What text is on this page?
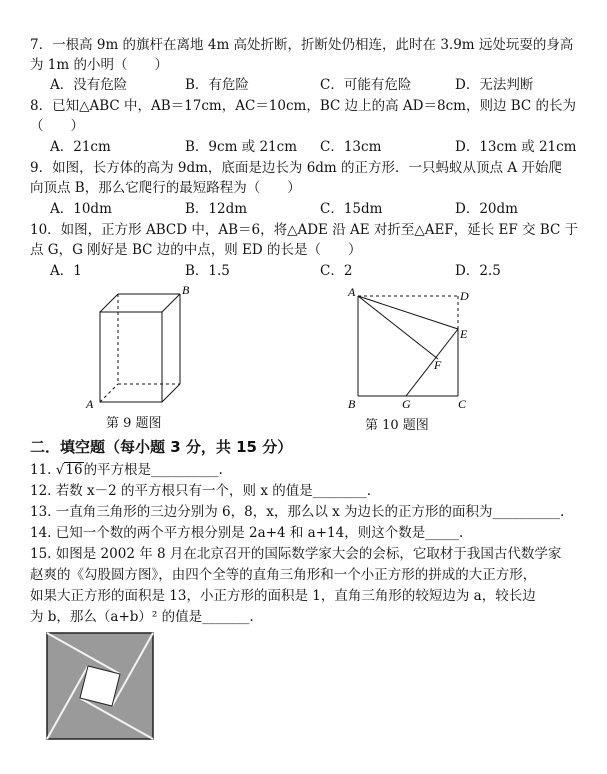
7．一根高 9m 的旗杆在离地 4m 高处折断，折断处仍相连，此时在 3.9m 远处玩耍的身高
为 1m 的小明（　　）
A．没有危险	B．有危险	C．可能有危险	D．无法判断
8．已知△ABC 中，AB＝17cm，AC＝10cm，BC 边上的高 AD＝8cm，则边 BC 的长为
（　　）
A．21cm	B．9cm 或 21cm C．13cm	D．13cm 或 21cm
9．如图，长方体的高为 9dm，底面是边长为 6dm 的正方形．一只蚂蚁从顶点 A 开始爬
向顶点 B，那么它爬行的最短路程为（　　）
A．10dm	B．12dm	C．15dm	D．20dm
10．如图，正方形 ABCD 中，AB＝6，将△ADE 沿 AE 对折至△AEF，延长 EF 交 BC 于
点 G，G 刚好是 BC 边的中点，则 ED 的长是（　　）
A．1	B．1.5	C．2	D．2.5
A
B
第 9 题图
A	D
E
F
B	G	C
第 10 题图
二．填空题（每小题 3 分，共 15 分）
11. √16的平方根是__________.
12. 若数 x－2 的平方根只有一个，则 x 的值是________.
13. 一直角三角形的三边分别为 6，8，x，那么以 x 为边长的正方形的面积为__________.
14. 已知一个数的两个平方根分别是 2a+4 和 a+14，则这个数是_____.
15. 如图是 2002 年 8 月在北京召开的国际数学家大会的会标，它取材于我国古代数学家
赵爽的《勾股圆方图》，由四个全等的直角三角形和一个小正方形的拼成的大正方形，
如果大正方形的面积是 13，小正方形的面积是 1，直角三角形的较短边为 a，较长边
为 b，那么（a+b）² 的值是_______.
